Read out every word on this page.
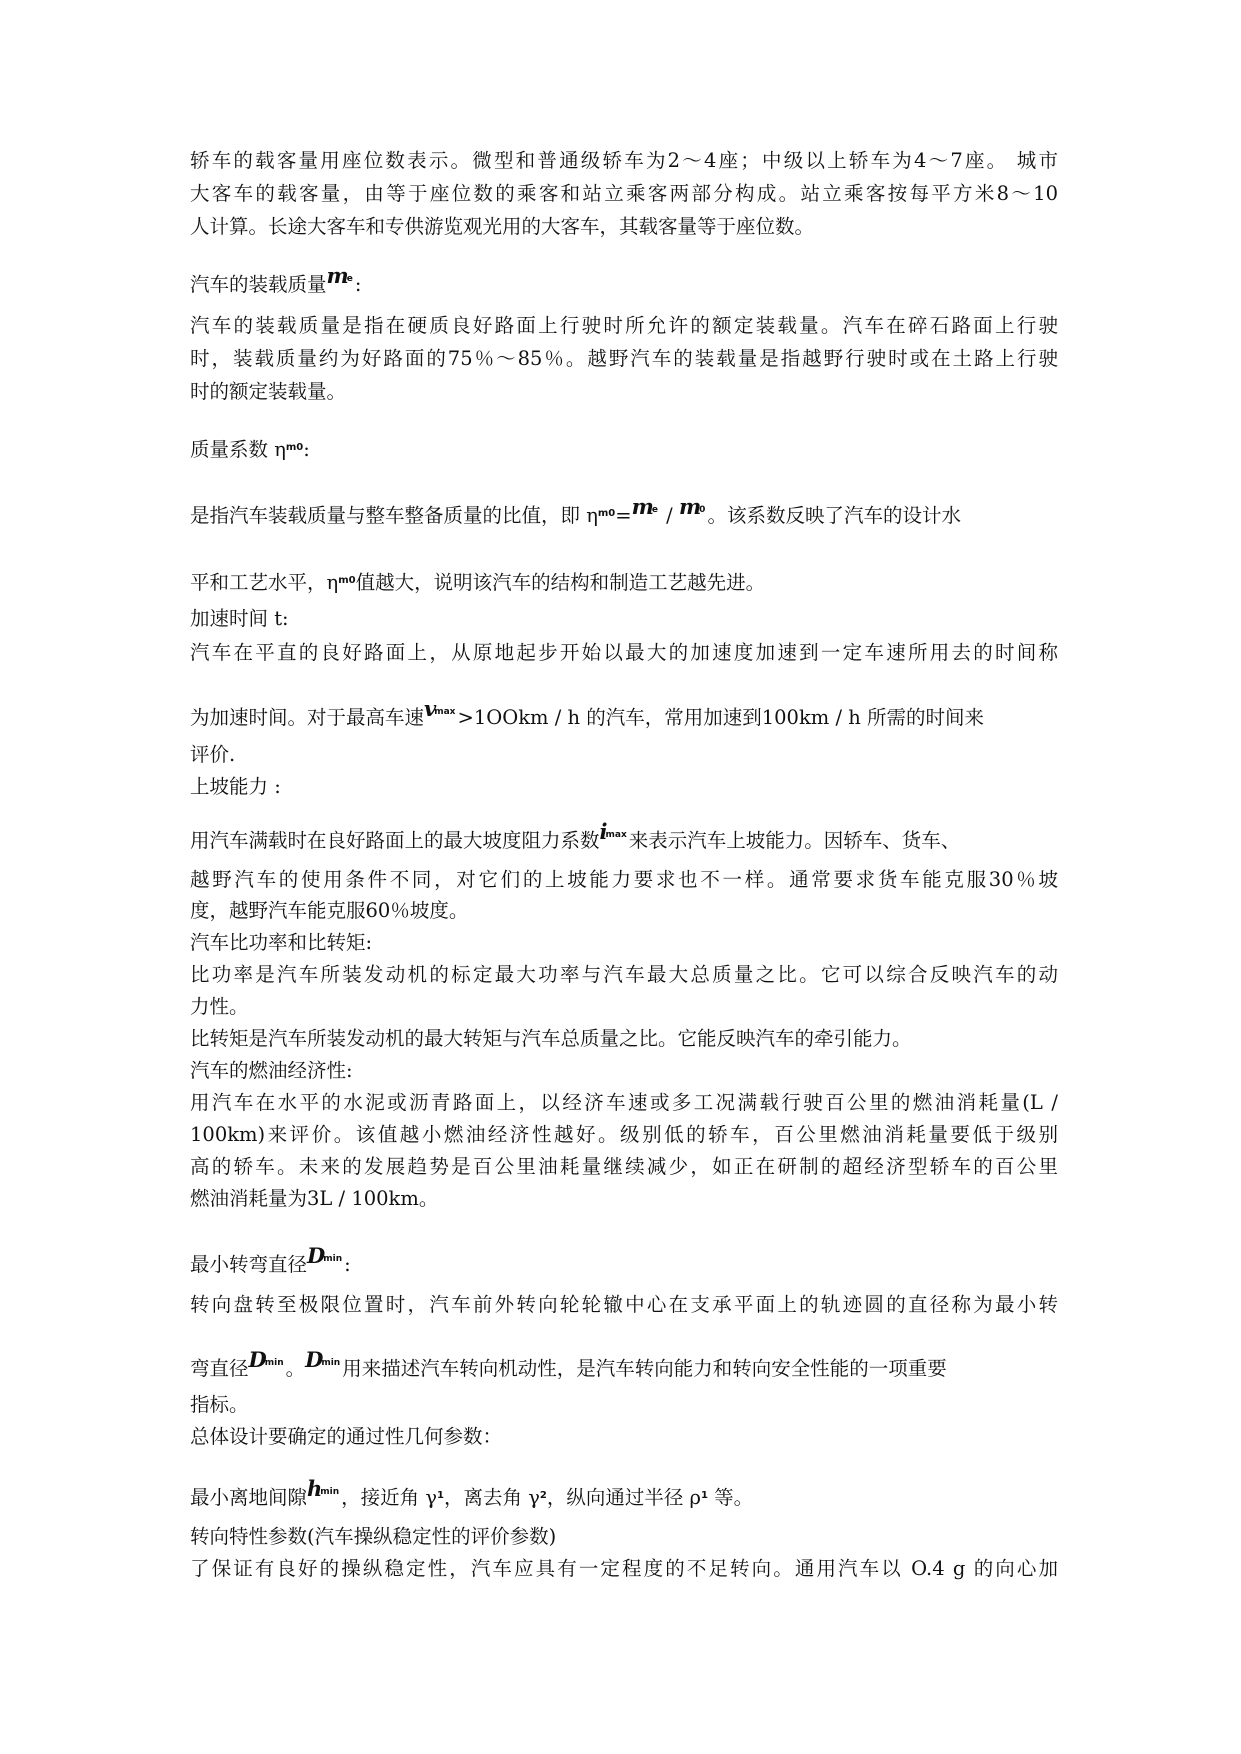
轿车的载客量用座位数表示。微型和普通级轿车为2～4座；中级以上轿车为4～7座。 城市
大客车的载客量，由等于座位数的乘客和站立乘客两部分构成。站立乘客按每平方米8～10
人计算。长途大客车和专供游览观光用的大客车，其载客量等于座位数。
汽车的装载质量me :
汽车的装载质量是指在硬质良好路面上行驶时所允许的额定装载量。汽车在碎石路面上行驶
时，装载质量约为好路面的75％～85％。越野汽车的装载量是指越野行驶时或在土路上行驶
时的额定装载量。
质量系数 ηm0:
是指汽车装载质量与整车整备质量的比值，即 ηm0=me / m0 。该系数反映了汽车的设计水
平和工艺水平，ηm0值越大，说明该汽车的结构和制造工艺越先进。
加速时间 t:
汽车在平直的良好路面上，从原地起步开始以最大的加速度加速到一定车速所用去的时间称
为加速时间。对于最高车速vmax >1OOkm / h 的汽车，常用加速到100km / h 所需的时间来
评价.
上坡能力 :
用汽车满载时在良好路面上的最大坡度阻力系数imax 来表示汽车上坡能力。因轿车、货车、
越野汽车的使用条件不同，对它们的上坡能力要求也不一样。通常要求货车能克服30％坡
度，越野汽车能克服60％坡度。
汽车比功率和比转矩:
比功率是汽车所装发动机的标定最大功率与汽车最大总质量之比。它可以综合反映汽车的动
力性。
比转矩是汽车所装发动机的最大转矩与汽车总质量之比。它能反映汽车的牵引能力。
汽车的燃油经济性:
用汽车在水平的水泥或沥青路面上，以经济车速或多工况满载行驶百公里的燃油消耗量(L /
100km)来评价。该值越小燃油经济性越好。级别低的轿车，百公里燃油消耗量要低于级别
高的轿车。未来的发展趋势是百公里油耗量继续减少，如正在研制的超经济型轿车的百公里
燃油消耗量为3L / 100km。
最小转弯直径Dmin :
转向盘转至极限位置时，汽车前外转向轮轮辙中心在支承平面上的轨迹圆的直径称为最小转
弯直径Dmin 。Dmin 用来描述汽车转向机动性，是汽车转向能力和转向安全性能的一项重要
指标。
总体设计要确定的通过性几何参数：
最小离地间隙hmin ，接近角 γ1，离去角 γ2，纵向通过半径 ρ1 等。
转向特性参数(汽车操纵稳定性的评价参数)
了保证有良好的操纵稳定性，汽车应具有一定程度的不足转向。通用汽车以 O.4 g 的向心加
